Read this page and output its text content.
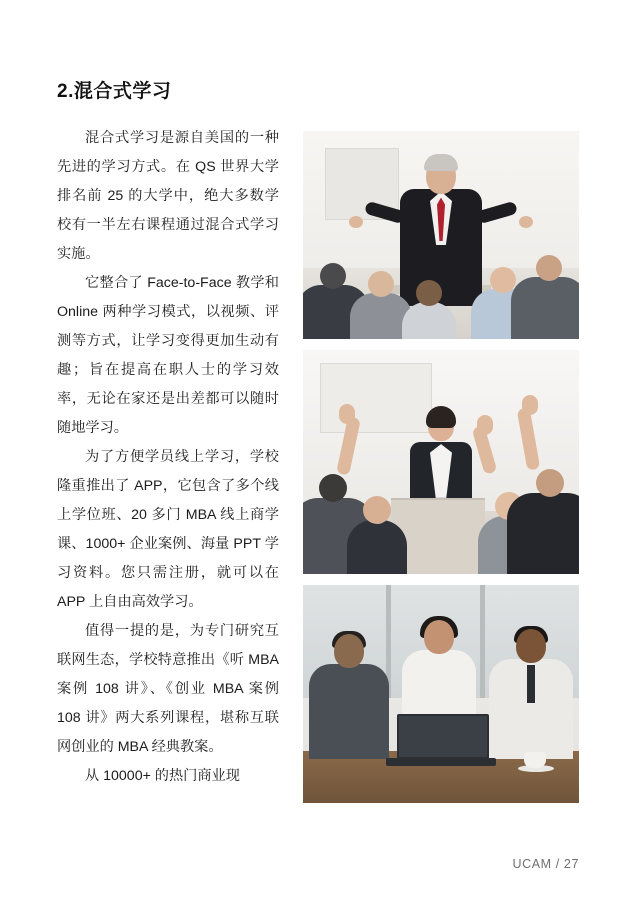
2.混合式学习

混合式学习是源自美国的一种先进的学习方式。在 QS 世界大学排名前 25 的大学中，绝大多数学校有一半左右课程通过混合式学习实施。

它整合了 Face-to-Face 教学和 Online 两种学习模式，以视频、评测等方式，让学习变得更加生动有趣；旨在提高在职人士的学习效率，无论在家还是出差都可以随时随地学习。

为了方便学员线上学习，学校隆重推出了 APP，它包含了多个线上学位班、20 多门 MBA 线上商学课、1000+ 企业案例、海量 PPT 学习资料。您只需注册，就可以在 APP 上自由高效学习。

值得一提的是，为专门研究互联网生态，学校特意推出《听 MBA 案例 108 讲》、《创业 MBA 案例 108 讲》两大系列课程，堪称互联网创业的 MBA 经典教案。

从 10000+ 的热门商业现

UCAM / 27
